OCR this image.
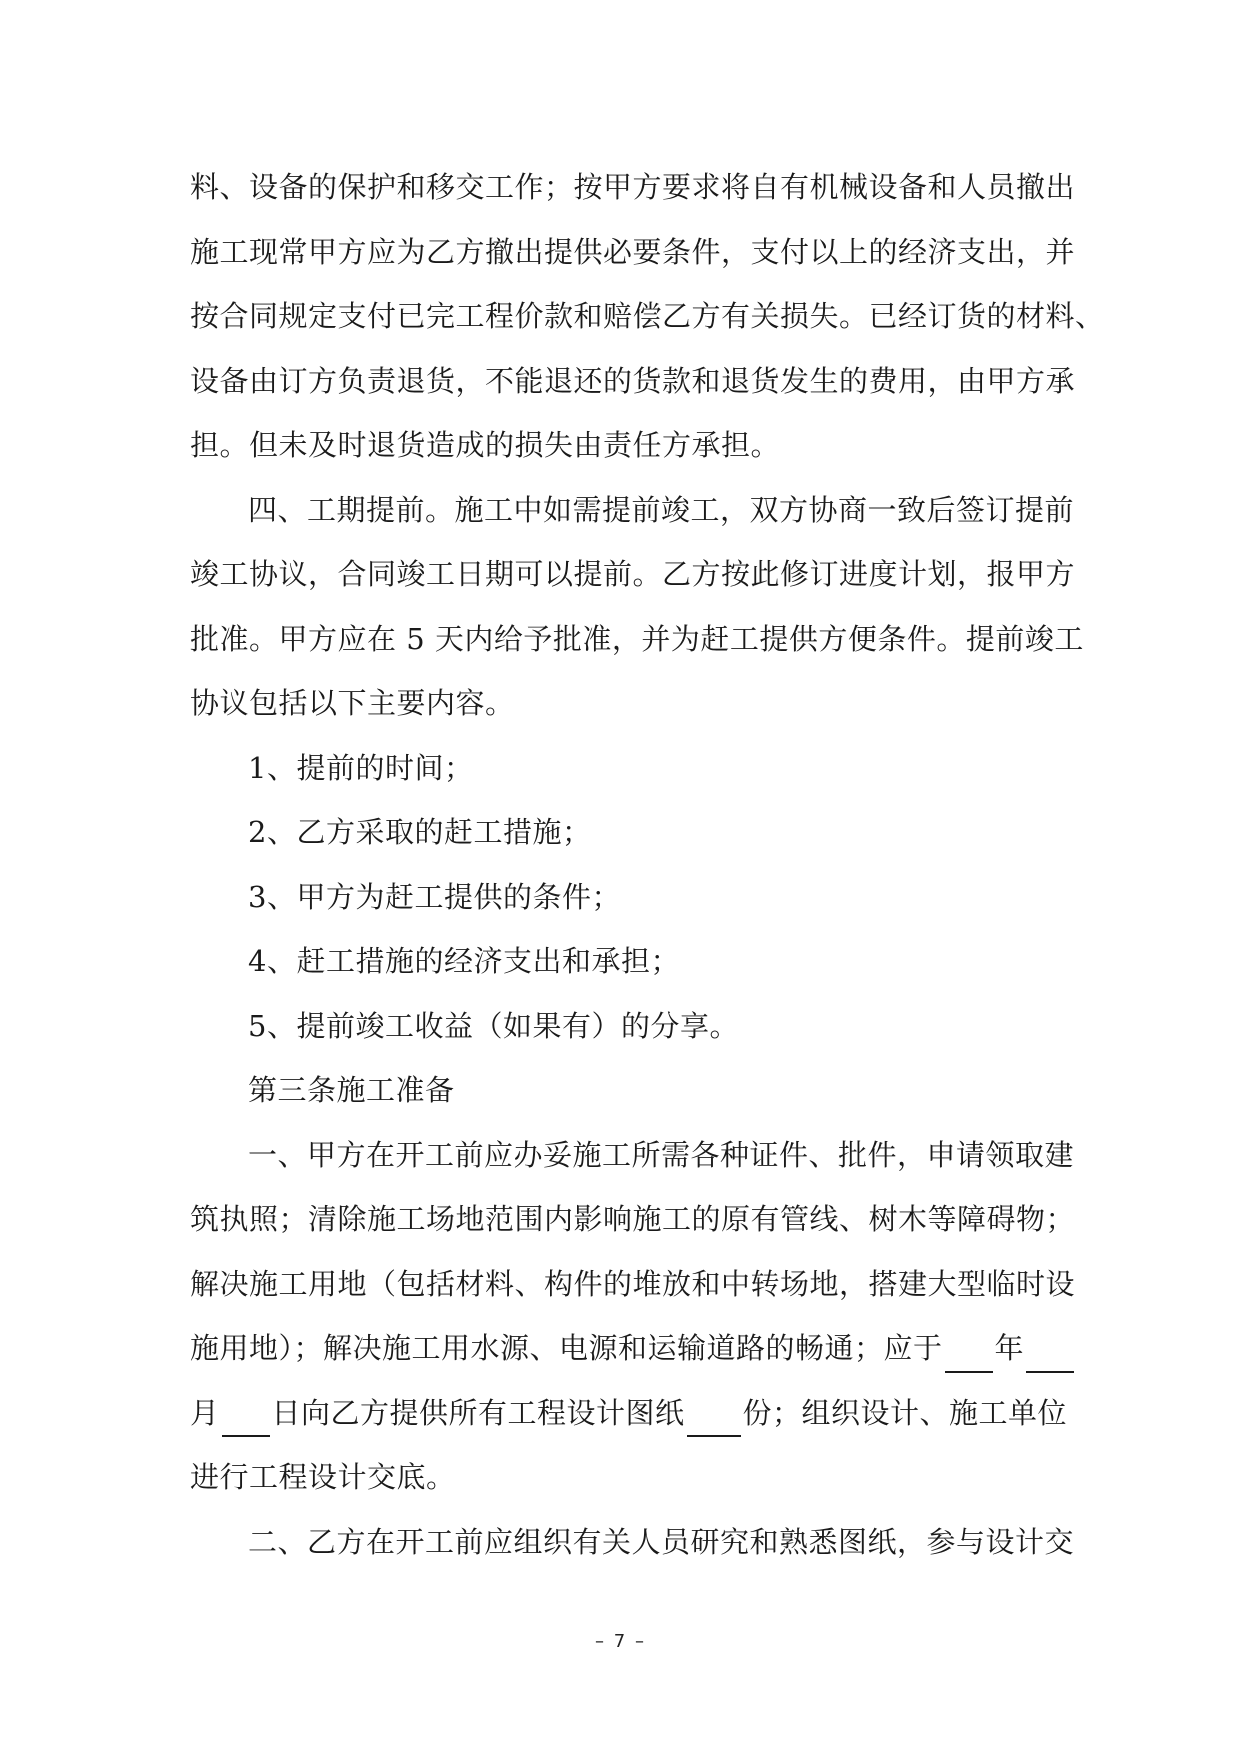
料、设备的保护和移交工作；按甲方要求将自有机械设备和人员撤出
施工现常甲方应为乙方撤出提供必要条件，支付以上的经济支出，并
按合同规定支付已完工程价款和赔偿乙方有关损失。已经订货的材料、
设备由订方负责退货，不能退还的货款和退货发生的费用，由甲方承
担。但未及时退货造成的损失由责任方承担。
四、工期提前。施工中如需提前竣工，双方协商一致后签订提前
竣工协议，合同竣工日期可以提前。乙方按此修订进度计划，报甲方
批准。甲方应在 5 天内给予批准，并为赶工提供方便条件。提前竣工
协议包括以下主要内容。
1、提前的时间；
2、乙方采取的赶工措施；
3、甲方为赶工提供的条件；
4、赶工措施的经济支出和承担；
5、提前竣工收益（如果有）的分享。
第三条施工准备
一、甲方在开工前应办妥施工所需各种证件、批件，申请领取建
筑执照；清除施工场地范围内影响施工的原有管线、树木等障碍物；
解决施工用地（包括材料、构件的堆放和中转场地，搭建大型临时设
施用地）；解决施工用水源、电源和运输道路的畅通；应于 年
月 日向乙方提供所有工程设计图纸 份；组织设计、施工单位
进行工程设计交底。
二、乙方在开工前应组织有关人员研究和熟悉图纸，参与设计交
– 7 –
